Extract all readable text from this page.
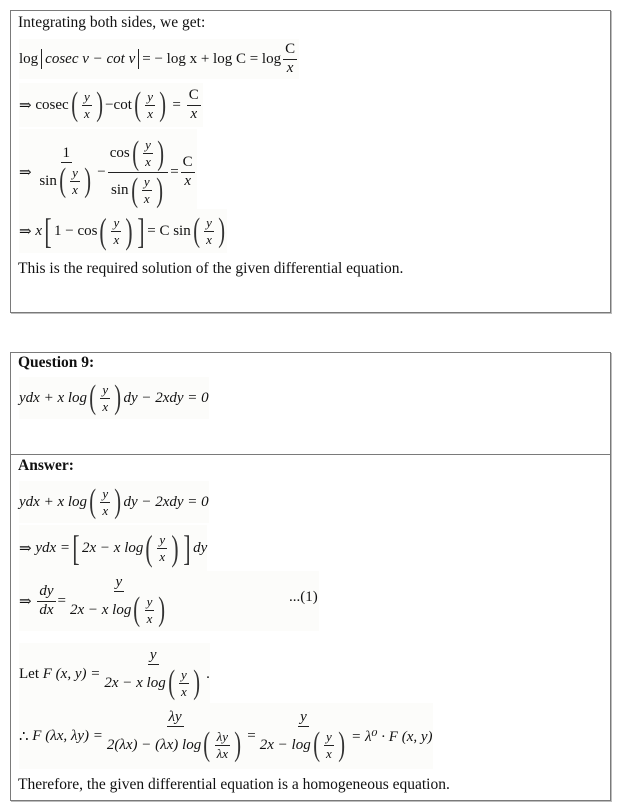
Integrating both sides, we get:
log cosec v − cot v = − $\log x + \log C = \log \frac{C}{x}$
⇒
cosec ( $\frac{y}{x}$ ) − cot ( $\frac{y}{x}$ ) = $\frac{C}{x}$
⇒
$\frac{1}{\sin ( \frac{y}{x} )} - \frac{\cos ( \frac{y}{x} )}{\sin ( \frac{y}{x} )} = \frac{C}{x}$
⇒
x [ 1 − cos ( $\frac{y}{x}$ ) ] = C sin ( $\frac{y}{x}$ )
This is the required solution of the given differential equation.
Question 9:
ydx + x log ( $\frac{y}{x}$ ) dy − 2xdy = 0
Answer:
ydx + x log ( $\frac{y}{x}$ ) dy − 2xdy = 0
⇒
ydx = [ 2x − x log ( $\frac{y}{x}$ ) ] dy
⇒
$\frac{dy}{dx} = \frac{y}{2x - x \log ( \frac{y}{x} )}$	...(1)
Let
F (x, $y) = \frac{y}{2x - x \log ( \frac{y}{x} )}$ .
∴
F (λx, $\lambda y) = \frac{\lambda y}{2(\lambda x) - (\lambda x) \log ( \frac{\lambda y}{\lambda x} )} = \frac{y}{2x - \log ( \frac{y}{x} )} = \lambda^0 \cdot F$ (x, y)
Therefore, the given differential equation is a homogeneous equation.
